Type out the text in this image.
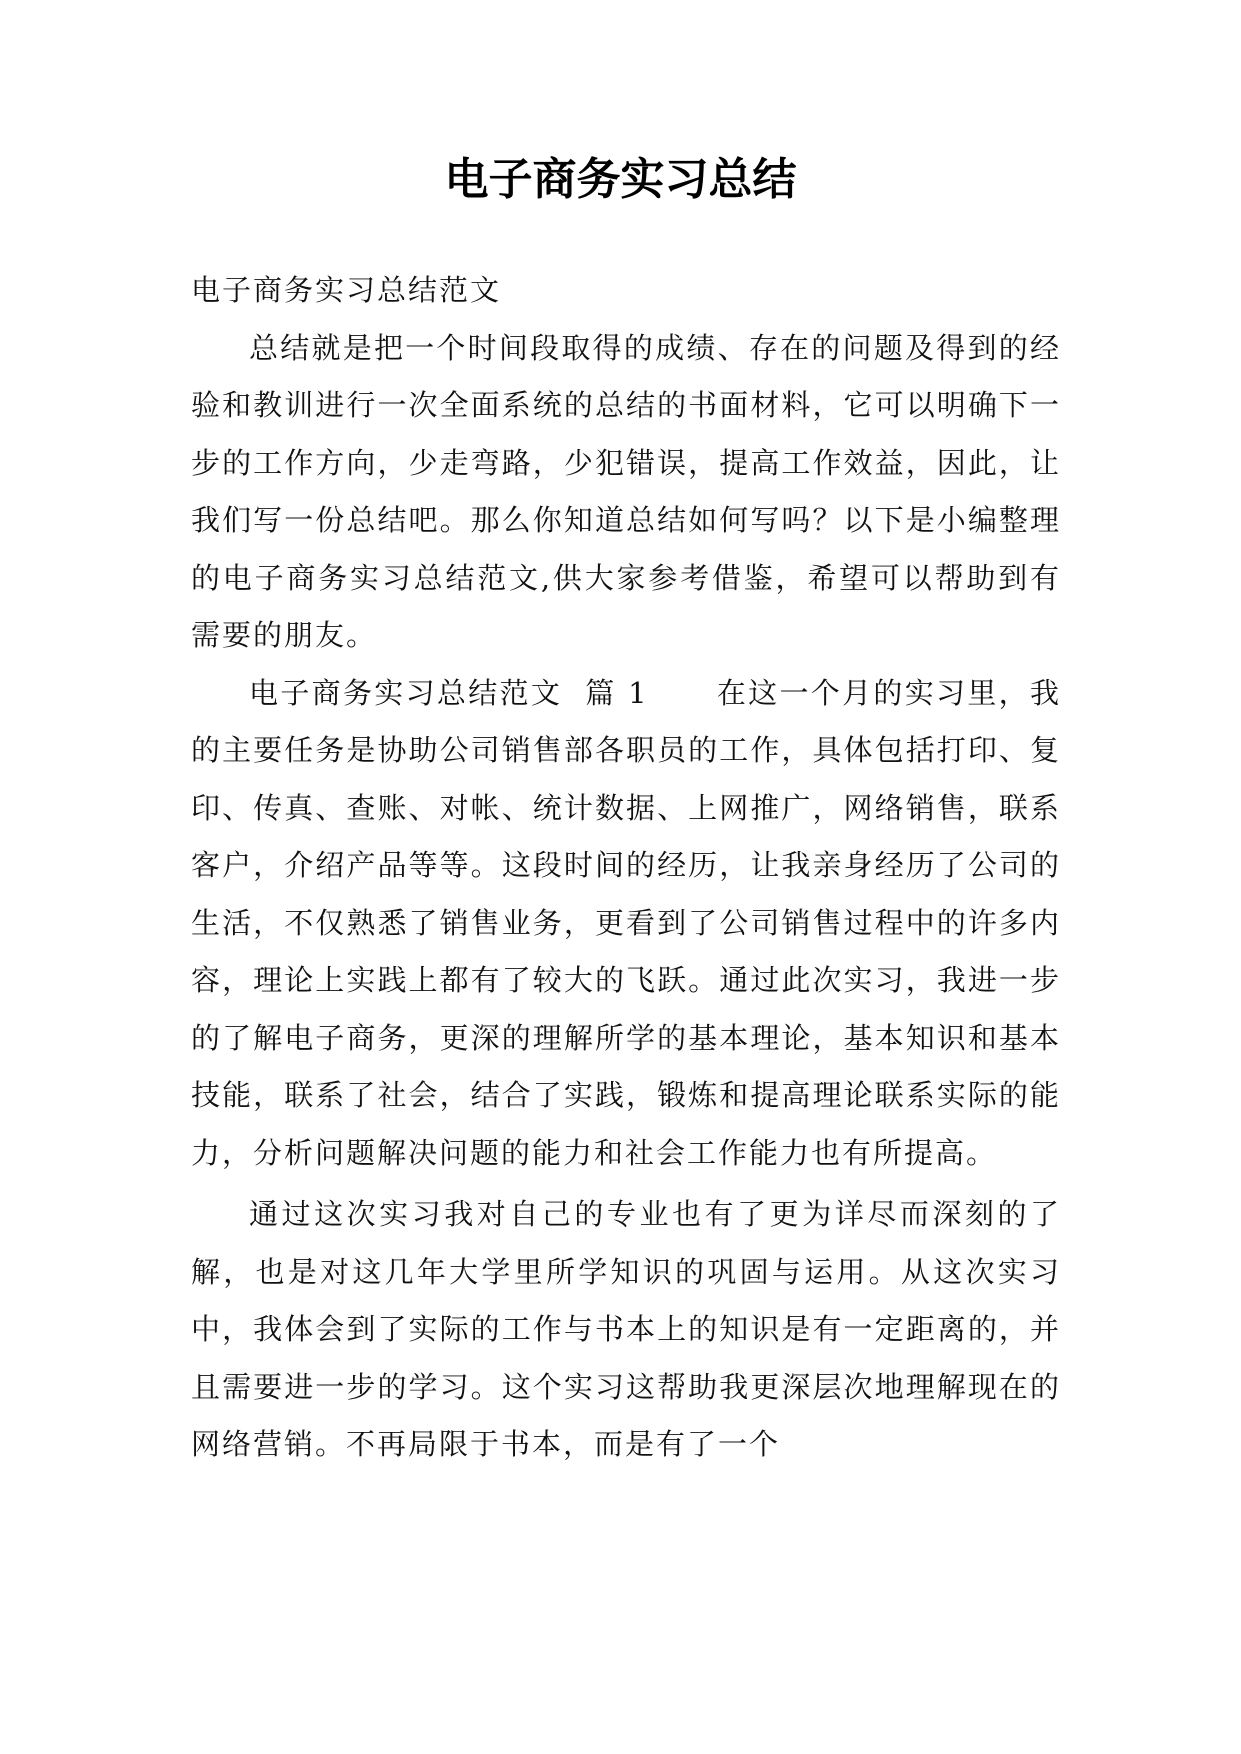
电子商务实习总结

电子商务实习总结范文

总结就是把一个时间段取得的成绩、存在的问题及得到的经验和教训进行一次全面系统的总结的书面材料，它可以明确下一步的工作方向，少走弯路，少犯错误，提高工作效益，因此，让我们写一份总结吧。那么你知道总结如何写吗？以下是小编整理的电子商务实习总结范文,供大家参考借鉴，希望可以帮助到有需要的朋友。

电子商务实习总结范文  篇 1 在这一个月的实习里，我的主要任务是协助公司销售部各职员的工作，具体包括打印、复印、传真、查账、对帐、统计数据、上网推广，网络销售，联系客户，介绍产品等等。这段时间的经历，让我亲身经历了公司的生活，不仅熟悉了销售业务，更看到了公司销售过程中的许多内容，理论上实践上都有了较大的飞跃。通过此次实习，我进一步的了解电子商务，更深的理解所学的基本理论，基本知识和基本技能，联系了社会，结合了实践，锻炼和提高理论联系实际的能力，分析问题解决问题的能力和社会工作能力也有所提高。

通过这次实习我对自己的专业也有了更为详尽而深刻的了解，也是对这几年大学里所学知识的巩固与运用。从这次实习中，我体会到了实际的工作与书本上的知识是有一定距离的，并且需要进一步的学习。这个实习这帮助我更深层次地理解现在的网络营销。不再局限于书本，而是有了一个
